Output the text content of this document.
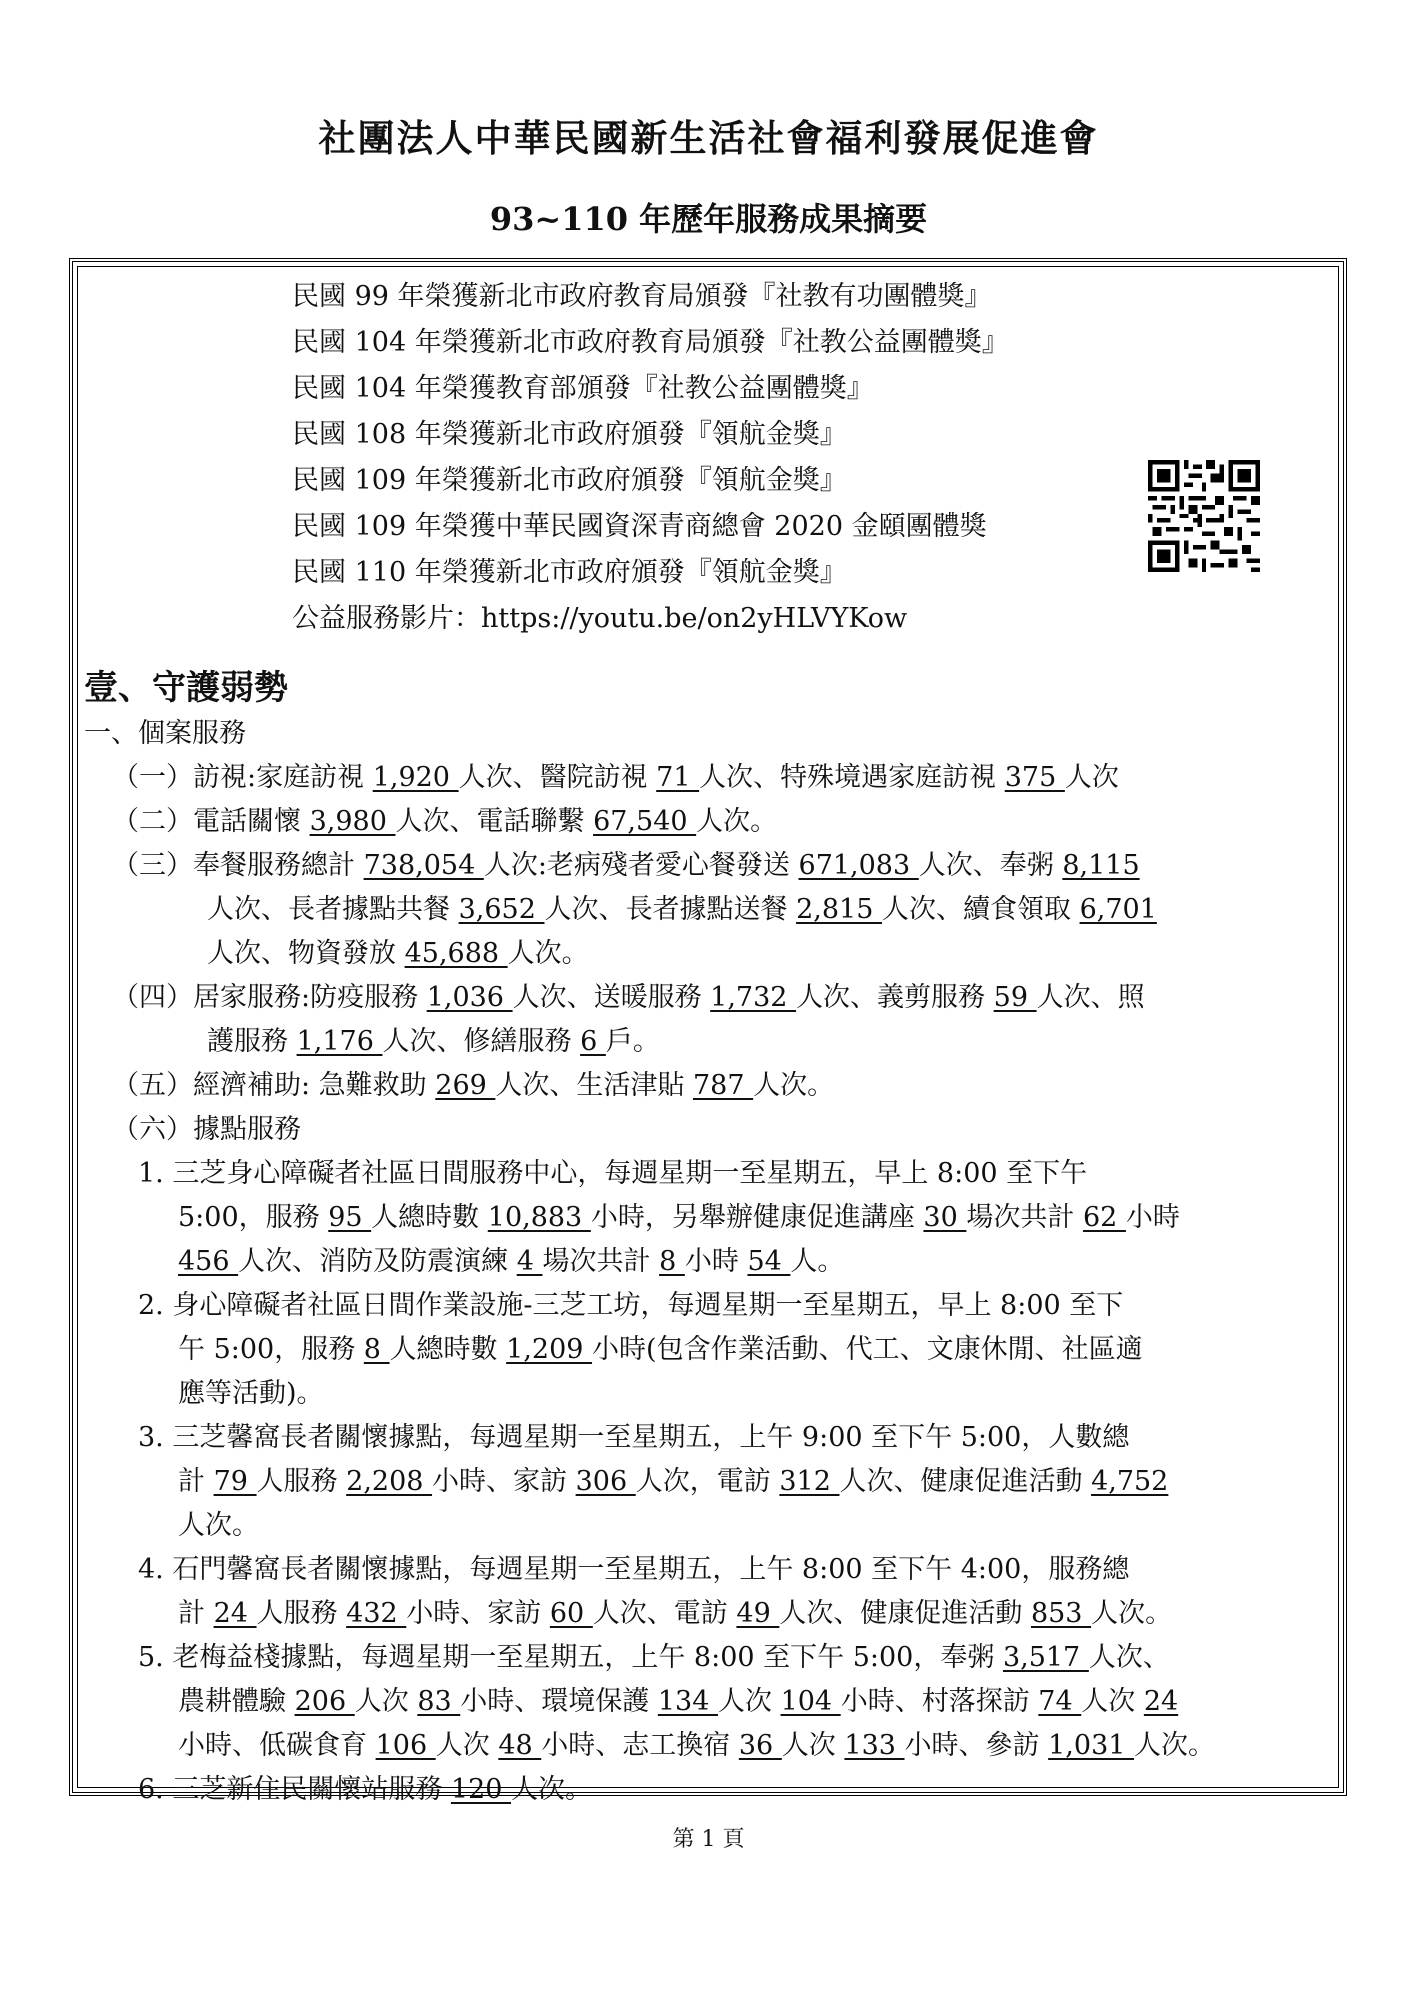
社團法人中華民國新生活社會福利發展促進會
93~110 年歷年服務成果摘要
民國 99 年榮獲新北市政府教育局頒發『社教有功團體獎』
民國 104 年榮獲新北市政府教育局頒發『社教公益團體獎』
民國 104 年榮獲教育部頒發『社教公益團體獎』
民國 108 年榮獲新北市政府頒發『領航金獎』
民國 109 年榮獲新北市政府頒發『領航金獎』
民國 109 年榮獲中華民國資深青商總會 2020 金頤團體獎
民國 110 年榮獲新北市政府頒發『領航金獎』
公益服務影片：https://youtu.be/on2yHLVYKow
壹、守護弱勢
一、個案服務
（一）訪視:家庭訪視 1,920 人次、醫院訪視 71 人次、特殊境遇家庭訪視 375 人次
（二）電話關懷 3,980 人次、電話聯繫 67,540 人次。
（三）奉餐服務總計 738,054 人次:老病殘者愛心餐發送 671,083 人次、奉粥 8,115
人次、長者據點共餐 3,652 人次、長者據點送餐 2,815 人次、續食領取 6,701
人次、物資發放 45,688 人次。
（四）居家服務:防疫服務 1,036 人次、送暖服務 1,732 人次、義剪服務 59 人次、照
護服務 1,176 人次、修繕服務 6 戶。
（五）經濟補助: 急難救助 269 人次、生活津貼 787 人次。
（六）據點服務
1. 三芝身心障礙者社區日間服務中心，每週星期一至星期五，早上 8:00 至下午
5:00，服務 95 人總時數 10,883 小時，另舉辦健康促進講座 30 場次共計 62 小時
456 人次、消防及防震演練 4 場次共計 8 小時 54 人。
2. 身心障礙者社區日間作業設施-三芝工坊，每週星期一至星期五，早上 8:00 至下
午 5:00，服務 8 人總時數 1,209 小時(包含作業活動、代工、文康休閒、社區適
應等活動)。
3. 三芝馨窩長者關懷據點，每週星期一至星期五，上午 9:00 至下午 5:00，人數總
計 79 人服務 2,208 小時、家訪 306 人次，電訪 312 人次、健康促進活動 4,752
人次。
4. 石門馨窩長者關懷據點，每週星期一至星期五，上午 8:00 至下午 4:00，服務總
計 24 人服務 432 小時、家訪 60 人次、電訪 49 人次、健康促進活動 853 人次。
5. 老梅益棧據點，每週星期一至星期五，上午 8:00 至下午 5:00，奉粥 3,517 人次、
農耕體驗 206 人次 83 小時、環境保護 134 人次 104 小時、村落探訪 74 人次 24
小時、低碳食育 106 人次 48 小時、志工換宿 36 人次 133 小時、參訪 1,031 人次。
6. 三芝新住民關懷站服務 120 人次。
第 1 頁
